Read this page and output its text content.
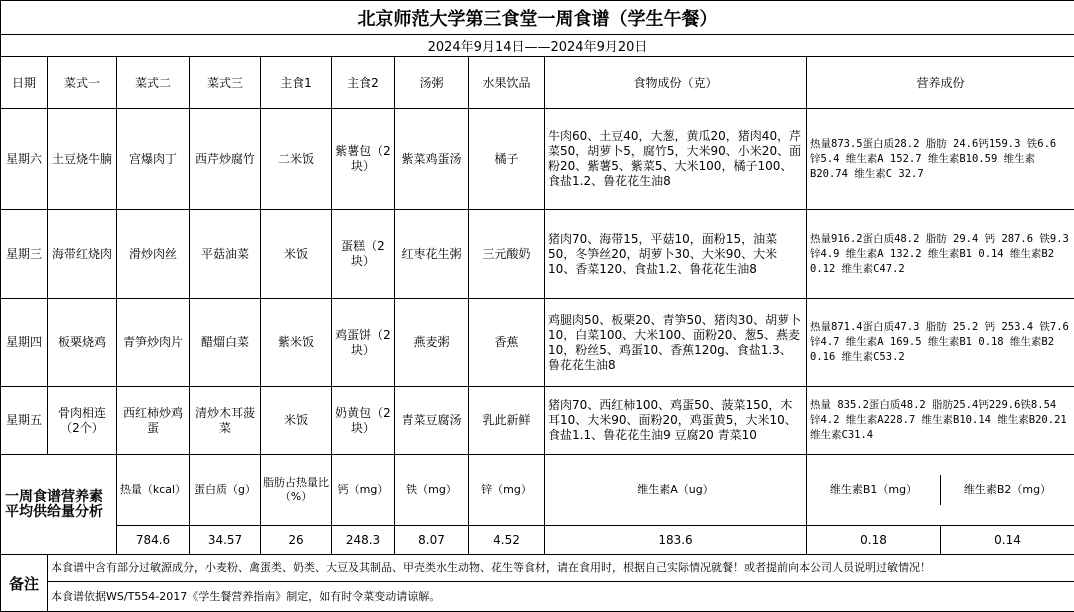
北京师范大学第三食堂一周食谱（学生午餐）										
2024年9月14日——2024年9月20日										
日期	菜式一	菜式二	菜式三	主食1	主食2	汤粥	水果饮品	食物成份（克）	营养成份	
星期六	土豆烧牛腩	宫爆肉丁	西芹炒腐竹	二米饭	紫薯包（2块）	紫菜鸡蛋汤	橘子	牛肉60、土豆40，大葱，黄瓜20，猪肉40，芹菜50，胡萝卜5，腐竹5，大米90、小米20、面粉20、紫薯5、紫菜5、大米100，橘子100、食盐1.2、鲁花花生油8	热量873.5蛋白质28.2 脂肪 24.6钙159.3 铁6.6 锌5.4 维生素A 152.7 维生素B10.59 维生素B20.74 维生素C 32.7	
星期三	海带红烧肉	滑炒肉丝	平菇油菜	米饭	蛋糕（2块）	红枣花生粥	三元酸奶	猪肉70、海带15，平菇10，面粉15，油菜50，冬笋丝20，胡萝卜30、大米90、大米10、香菜120、食盐1.2、鲁花花生油8	热量916.2蛋白质48.2 脂肪 29.4 钙 287.6 铁9.3 锌4.9 维生素A 132.2 维生素B1 0.14 维生素B2 0.12 维生素C47.2	
星期四	板栗烧鸡	青笋炒肉片	醋熘白菜	紫米饭	鸡蛋饼（2块）	燕麦粥	香蕉	鸡腿肉50、板栗20、青笋50、猪肉30、胡萝卜10，白菜100、大米100、面粉20、葱5、燕麦10，粉丝5、鸡蛋10、香蕉120g、食盐1.3、鲁花花生油8	热量871.4蛋白质47.3 脂肪 25.2 钙 253.4 铁7.6 锌4.7 维生素A 169.5 维生素B1 0.18 维生素B2 0.16 维生素C53.2	
星期五	骨肉相连（2个）	西红柿炒鸡蛋	清炒木耳菠菜	米饭	奶黄包（2块）	青菜豆腐汤	乳此新鲜	猪肉70、西红柿100、鸡蛋50、菠菜150，木耳10、大米90、面粉20，鸡蛋黄5，大米10、食盐1.1、鲁花花生油9 豆腐20 青菜10	热量 835.2蛋白质48.2 脂肪25.4钙229.6铁8.54 锌4.2 维生素A228.7 维生素B10.14 维生素B20.21 维生素C31.4	
一周食谱营养素平均供给量分析		热量（kcal）	蛋白质（g）	脂肪占热量比（%）	钙（mg）	铁（mg）	锌（mg）	维生素A（ug）	维生素B1（mg） 维生素B2（mg）

		784.6	34.57	26	248.3	8.07	4.52	183.6	0.18 0.14

备注	本食谱中含有部分过敏源成分，小麦粉、禽蛋类、奶类、大豆及其制品、甲壳类水生动物、花生等食材，请在食用时，根据自己实际情况就餐！或者提前向本公司人员说明过敏情况！									
	本食谱依据WS/T554-2017《学生餐营养指南》制定，如有时令菜变动请谅解。									
